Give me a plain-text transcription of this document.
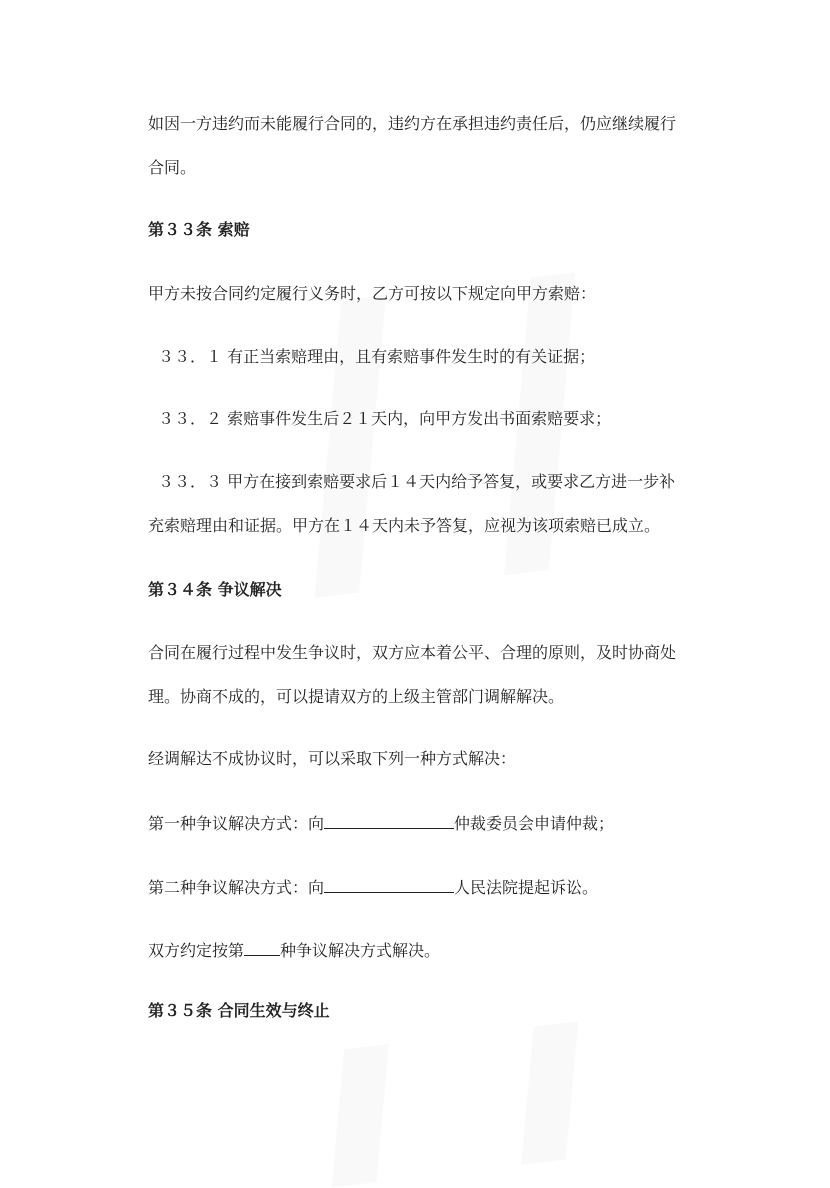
如因一方违约而未能履行合同的，违约方在承担违约责任后，仍应继续履行
合同。
第３３条 索赔
甲方未按合同约定履行义务时，乙方可按以下规定向甲方索赔：
３３．１ 有正当索赔理由，且有索赔事件发生时的有关证据；
３３．２ 索赔事件发生后２１天内，向甲方发出书面索赔要求；
３３．３ 甲方在接到索赔要求后１４天内给予答复，或要求乙方进一步补
充索赔理由和证据。甲方在１４天内未予答复，应视为该项索赔已成立。
第３４条 争议解决
合同在履行过程中发生争议时，双方应本着公平、合理的原则，及时协商处
理。协商不成的，可以提请双方的上级主管部门调解解决。
经调解达不成协议时，可以采取下列一种方式解决：
第一种争议解决方式：向	仲裁委员会申请仲裁；
第二种争议解决方式：向	人民法院提起诉讼。
双方约定按第 种争议解决方式解决。
第３５条 合同生效与终止
